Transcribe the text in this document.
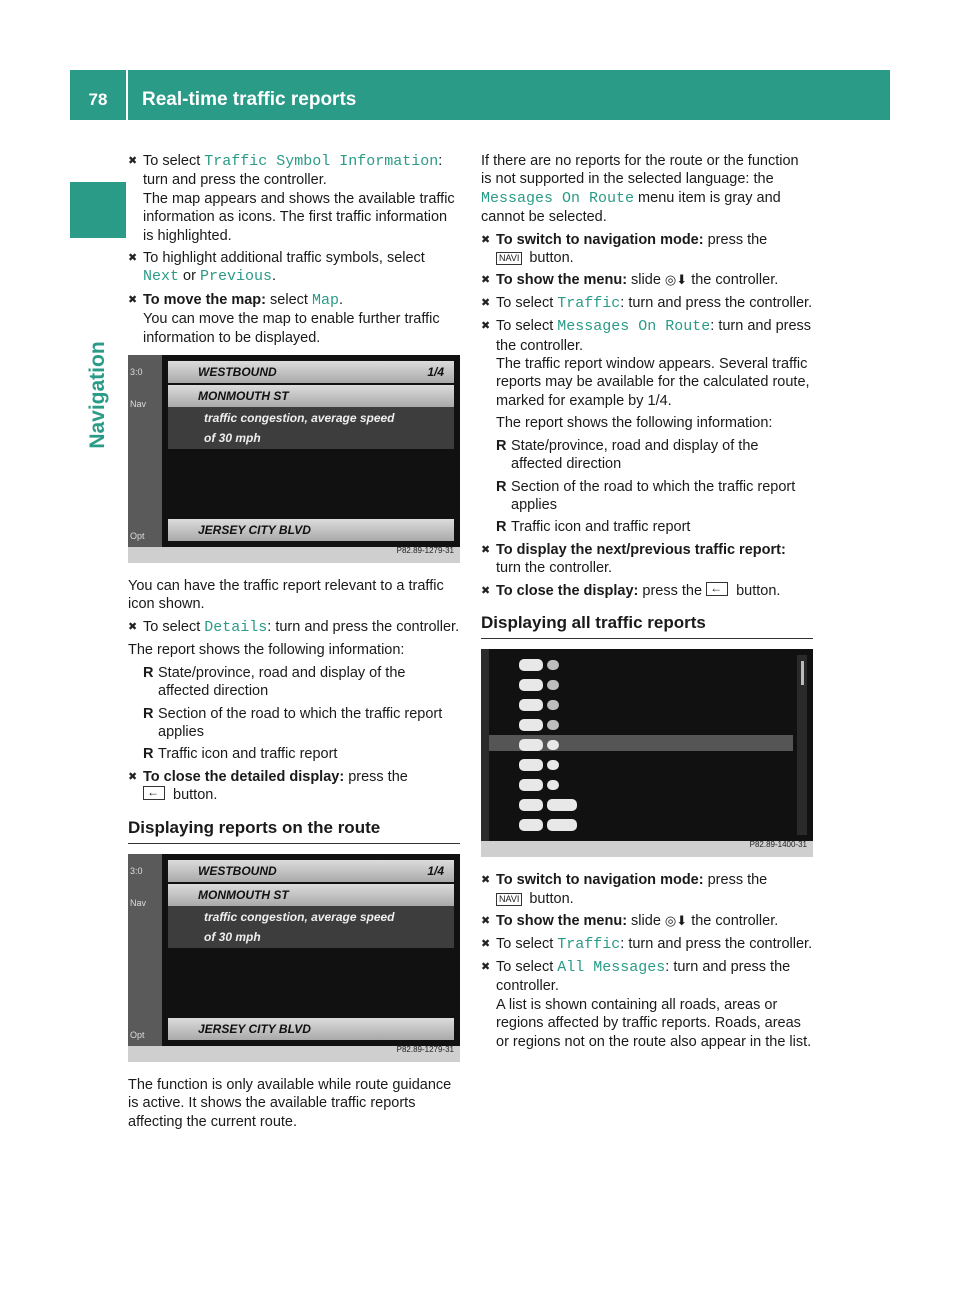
78	Real-time traffic reports
Navigation
✖ To select Traffic Symbol Information:
turn and press the controller.
The map appears and shows the available traffic information as icons. The first traffic information is highlighted.
✖ To highlight additional traffic symbols, select Next or Previous.
✖ To move the map: select Map.
You can move the map to enable further traffic information to be displayed.
3:0
Nav
Opt
WESTBOUND	1/4
MONMOUTH ST
traffic congestion, average speed
of 30 mph
JERSEY CITY BLVD
P82.89-1279-31

You can have the traffic report relevant to a traffic icon shown.

✖ To select Details: turn and press the controller.

The report shows the following information:

R State/province, road and display of the affected direction
R Section of the road to which the traffic report applies
R Traffic icon and traffic report
✖ To close the detailed display: press the
← button.
Displaying reports on the route
3:0
Nav
Opt
WESTBOUND	1/4
MONMOUTH ST
traffic congestion, average speed
of 30 mph
JERSEY CITY BLVD
P82.89-1279-31

The function is only available while route guidance is active. It shows the available traffic reports affecting the current route.

If there are no reports for the route or the function is not supported in the selected language: the Messages On Route menu item is gray and cannot be selected.

✖ To switch to navigation mode: press the
NAVI button.
✖ To show the menu: slide ◎⬇ the controller.
✖ To select Traffic: turn and press the controller.
✖ To select Messages On Route: turn and press the controller.
The traffic report window appears. Several traffic reports may be available for the calculated route, marked for example by 1/4.

The report shows the following information:
R State/province, road and display of the affected direction
R Section of the road to which the traffic report applies
R Traffic icon and traffic report
✖ To display the next/previous traffic report: turn the controller.
✖ To close the display: press the ← button.
Displaying all traffic reports

P82.89-1400-31
✖ To switch to navigation mode: press the
NAVI button.
✖ To show the menu: slide ◎⬇ the controller.
✖ To select Traffic: turn and press the controller.
✖ To select All Messages: turn and press the controller.
A list is shown containing all roads, areas or regions affected by traffic reports. Roads, areas or regions not on the route also appear in the list.
